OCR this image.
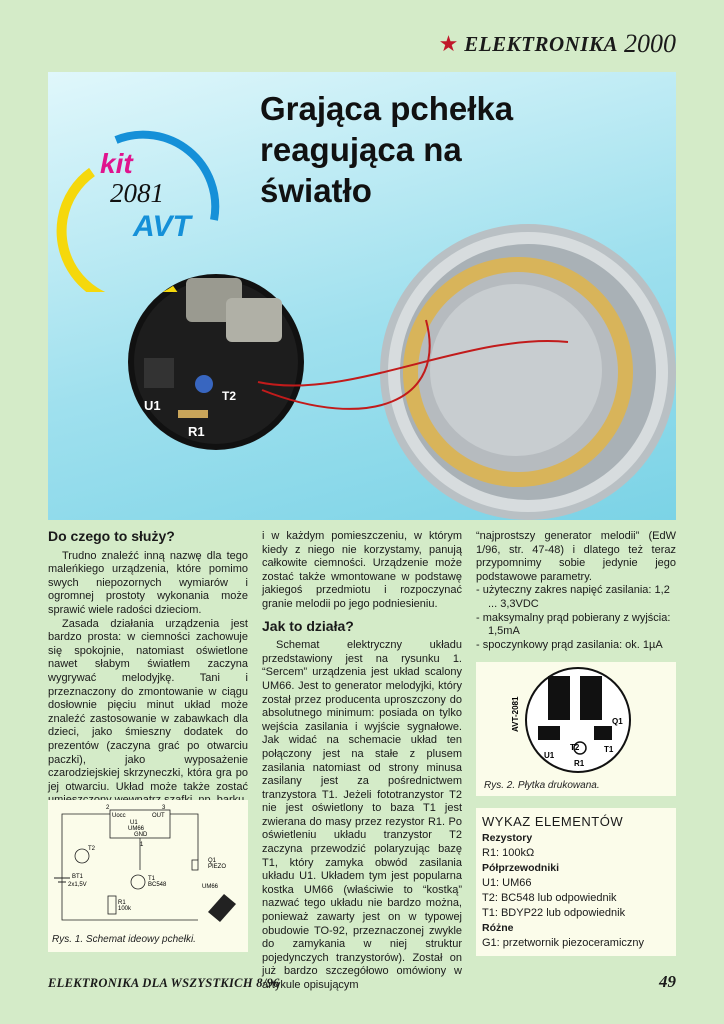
★ ELEKTRONIKA 2000
U1
R1
T2
Grająca pchełka
reagująca na
światło
kit
2081
AVT
Do czego to służy?

Trudno znaleźć inną nazwę dla tego maleńkiego urządzenia, które pomimo swych niepozornych wymiarów i ogromnej prostoty wykonania może sprawić wiele radości dzieciom.

Zasada działania urządzenia jest bardzo prosta: w ciemności zachowuje się spokojnie, natomiast oświetlone nawet słabym światłem zaczyna wygrywać melodyjkę. Tani i przeznaczony do zmontowanie w ciągu dosłownie pięciu minut układ może znaleźć zastosowanie w zabawkach dla dzieci, jako śmieszny dodatek do prezentów (zaczyna grać po otwarciu paczki), jako wyposażenie czarodziejskiej skrzyneczki, która gra po jej otwarciu. Układ może także zostać

i w każdym pomieszczeniu, w którym kiedy z niego nie korzystamy, panują całkowite ciemności. Urządzenie może zostać także wmontowane w podstawę jakiegoś przedmiotu i rozpoczynać granie melodii po jego podniesieniu.

Jak to działa?

Schemat elektryczny układu przedstawiony jest na rysunku 1. “Sercem” urządzenia jest układ scalony UM66. Jest to generator melodyjki, który został przez producenta uproszczony do absolutnego minimum: posiada on tylko wejścia zasilania i wyjście sygnałowe. Jak widać na schemacie układ ten połączony jest na stałe z plusem zasilania natomiast od strony minusa zasilany jest za pośrednictwem tranzystora T1. Jeżeli fototranzystor T2 nie jest oświetlony to baza T1 jest zwierana do masy przez rezystor R1. Po oświetleniu układu tranzystor T2 zaczyna przewodzić polaryzując bazę T1, który zamyka obwód zasilania układu U1. Układem tym jest popularna kostka UM66 (właściwie to “kostką” nazwać tego układu nie bardzo można, ponieważ zawarty jest on w typowej obudowie TO-92, przeznaczonej zwykle do zamykania w niej struktur pojedynczych tranzystorów). Został on już bardzo szczegółowo omówiony w artykule opisującym

“najprostszy generator melodii” (EdW 1/96, str. 47-48) i dlatego też teraz przypomnimy sobie jedynie jego podstawowe parametry.

- użyteczny zakres napięć zasilania: 1,2 ... 3,3VDC
- maksymalny prąd pobierany z wyjścia: 1,5mA
- spoczynkowy prąd zasilania: ok. 1µA
Uocc
U1
UM66
OUT
GND
2	3
1
T2
BT1
2x1,5V
T1
BC548
R1
100k
Q1
PIEZO
UM66
Rys. 1. Schemat ideowy pchełki.
AVT-2081
U1
T2
R1
Q1
T1
Rys. 2. Płytka drukowana.
WYKAZ ELEMENTÓW
Rezystory
R1: 100kΩ
Półprzewodniki
U1: UM66
T2: BC548 lub odpowiednik
T1: BDYP22 lub odpowiednik
Różne
G1: przetwornik piezoceramiczny
ELEKTRONIKA DLA WSZYSTKICH 8/96	49
